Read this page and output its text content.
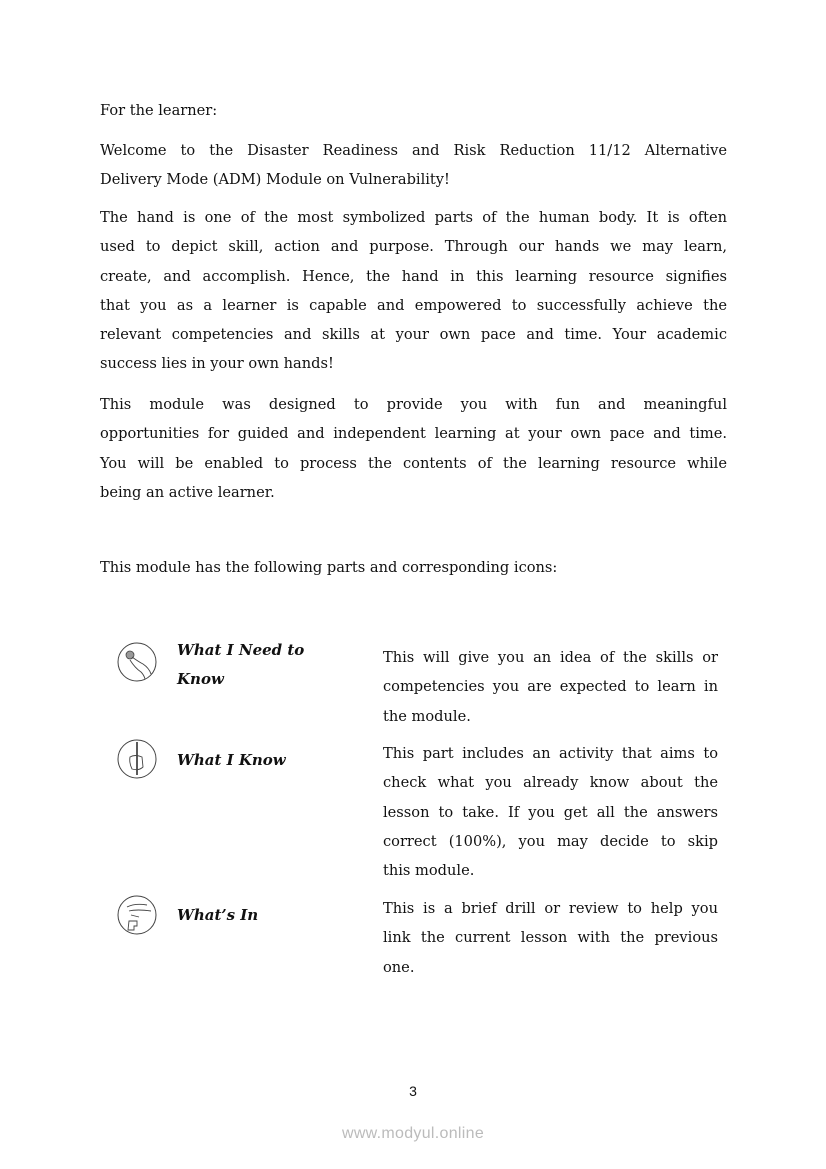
For the learner:
Welcome to the Disaster Readiness and Risk Reduction 11/12 Alternative
Delivery Mode (ADM) Module on Vulnerability!
The hand is one of the most symbolized parts of the human body. It is often
used to depict skill, action and purpose. Through our hands we may learn,
create, and accomplish. Hence, the hand in this learning resource signifies
that you as a learner is capable and empowered to successfully achieve the
relevant competencies and skills at your own pace and time. Your academic
success lies in your own hands!
This module was designed to provide you with fun and meaningful
opportunities for guided and independent learning at your own pace and time.
You will be enabled to process the contents of the learning resource while
being an active learner.
This module has the following parts and corresponding icons:
What I Need to
Know
This will give you an idea of the skills or
competencies you are expected to learn in
the module.
What I Know	This part includes an activity that aims to
check what you already know about the
lesson to take. If you get all the answers
correct (100%), you may decide to skip
this module.
What’s In	This is a brief drill or review to help you
link the current lesson with the previous
one.
3
www.modyul.online
